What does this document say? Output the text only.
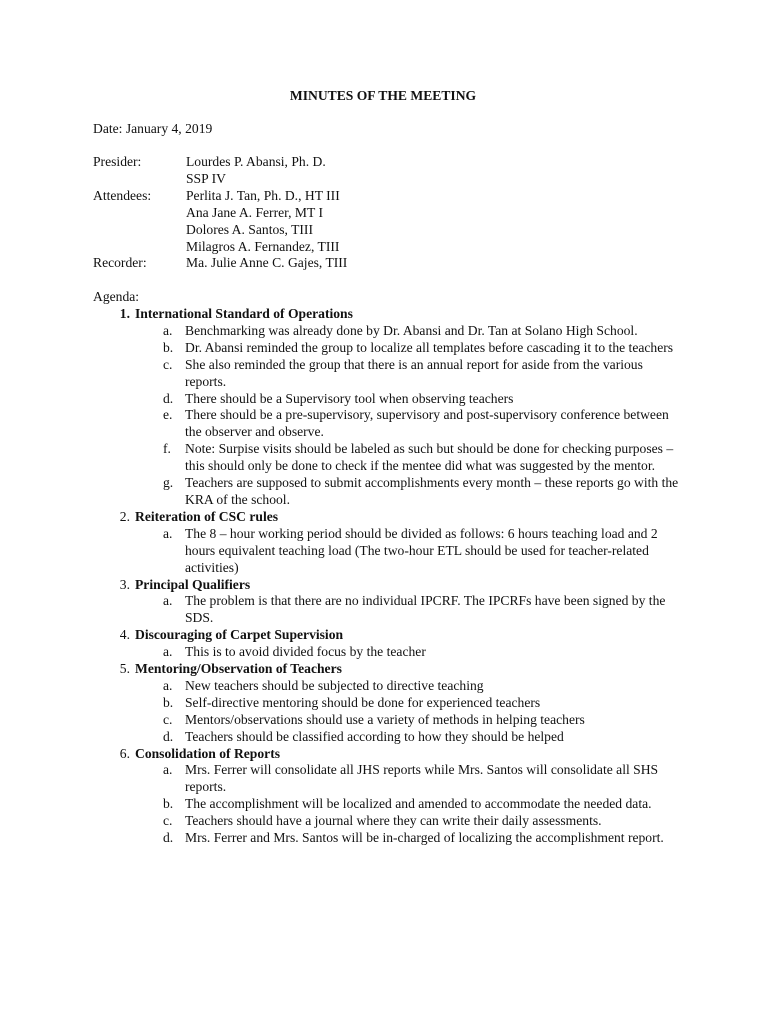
MINUTES OF THE MEETING
Date: January 4, 2019
Presider:	Lourdes P. Abansi, Ph. D.
SSP IV
Attendees:	Perlita J. Tan, Ph. D., HT III
Ana Jane A. Ferrer, MT I
Dolores A. Santos, TIII
Milagros A. Fernandez, TIII
Recorder:	Ma. Julie Anne C. Gajes, TIII
Agenda:
1. International Standard of Operations
a. Benchmarking was already done by Dr. Abansi and Dr. Tan at Solano High School.
b. Dr. Abansi reminded the group to localize all templates before cascading it to the teachers
c. She also reminded the group that there is an annual report for aside from the various reports.
d. There should be a Supervisory tool when observing teachers
e. There should be a pre-supervisory, supervisory and post-supervisory conference between the observer and observe.
f.	Note: Surpise visits should be labeled as such but should be done for checking purposes – this should only be done to check if the mentee did what was suggested by the mentor.
g. Teachers are supposed to submit accomplishments every month – these reports go with the KRA of the school.
2. Reiteration of CSC rules
a. The 8 – hour working period should be divided as follows: 6 hours teaching load and 2 hours equivalent teaching load (The two-hour ETL should be used for teacher-related activities)
3. Principal Qualifiers
a. The problem is that there are no individual IPCRF. The IPCRFs have been signed by the SDS.
4. Discouraging of Carpet Supervision
a. This is to avoid divided focus by the teacher
5. Mentoring/Observation of Teachers
a. New teachers should be subjected to directive teaching
b. Self-directive mentoring should be done for experienced teachers
c. Mentors/observations should use a variety of methods in helping teachers
d. Teachers should be classified according to how they should be helped
6. Consolidation of Reports
a. Mrs. Ferrer will consolidate all JHS reports while Mrs. Santos will consolidate all SHS reports.
b. The accomplishment will be localized and amended to accommodate the needed data.
c. Teachers should have a journal where they can write their daily assessments.
d. Mrs. Ferrer and Mrs. Santos will be in-charged of localizing the accomplishment report.
